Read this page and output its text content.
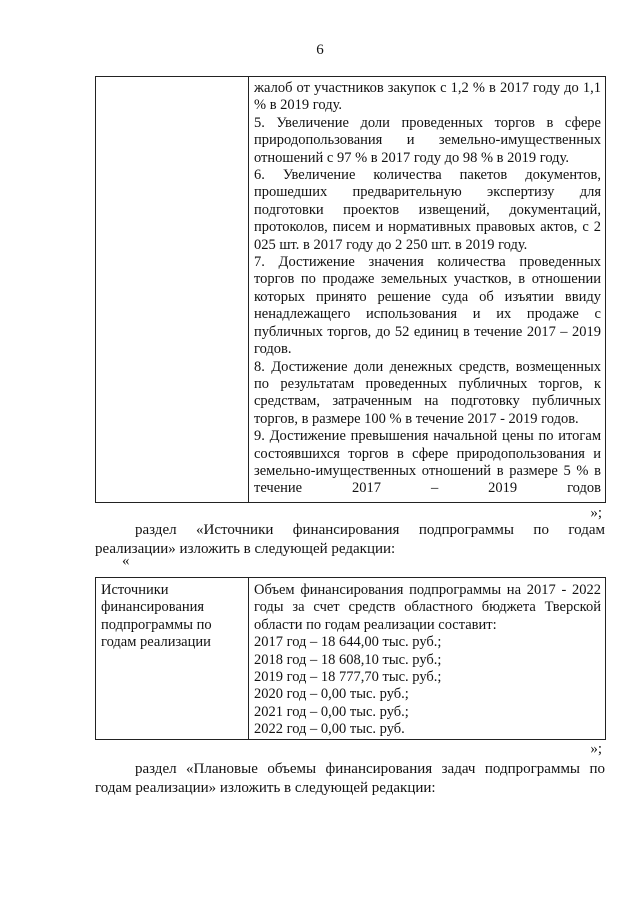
6

жалоб от участников закупок с 1,2 % в 2017 году до 1,1 % в 2019 году.

5. Увеличение доли проведенных торгов в сфере природопользования и земельно-имущественных отношений с 97 % в 2017 году до 98 % в 2019 году.

6. Увеличение количества пакетов документов, прошедших предварительную экспертизу для подготовки проектов извещений, документаций, протоколов, писем и нормативных правовых актов, с 2 025 шт. в 2017 году до 2 250 шт. в 2019 году.

7. Достижение значения количества проведенных торгов по продаже земельных участков, в отношении которых принято решение суда об изъятии ввиду ненадлежащего использования и их продаже с публичных торгов, до 52 единиц в течение 2017 – 2019 годов.

8. Достижение доли денежных средств, возмещенных по результатам проведенных публичных торгов, к средствам, затраченным на подготовку публичных торгов, в размере 100 % в течение 2017 - 2019 годов.

9. Достижение превышения начальной цены по итогам состоявшихся торгов в сфере природопользования и земельно-имущественных отношений в размере 5 % в течение 2017 – 2019 годов

»;

раздел «Источники финансирования подпрограммы по годам реализации» изложить в следующей редакции:

«

Источники финансирования подпрограммы по годам реализации

Объем финансирования подпрограммы на 2017 - 2022 годы за счет средств областного бюджета Тверской области по годам реализации составит:

2017 год – 18 644,00 тыс. руб.;

2018 год – 18 608,10 тыс. руб.;

2019 год – 18 777,70 тыс. руб.;

2020 год – 0,00 тыс. руб.;

2021 год – 0,00 тыс. руб.;

2022 год – 0,00 тыс. руб.

»;

раздел «Плановые объемы финансирования задач подпрограммы по годам реализации» изложить в следующей редакции:
